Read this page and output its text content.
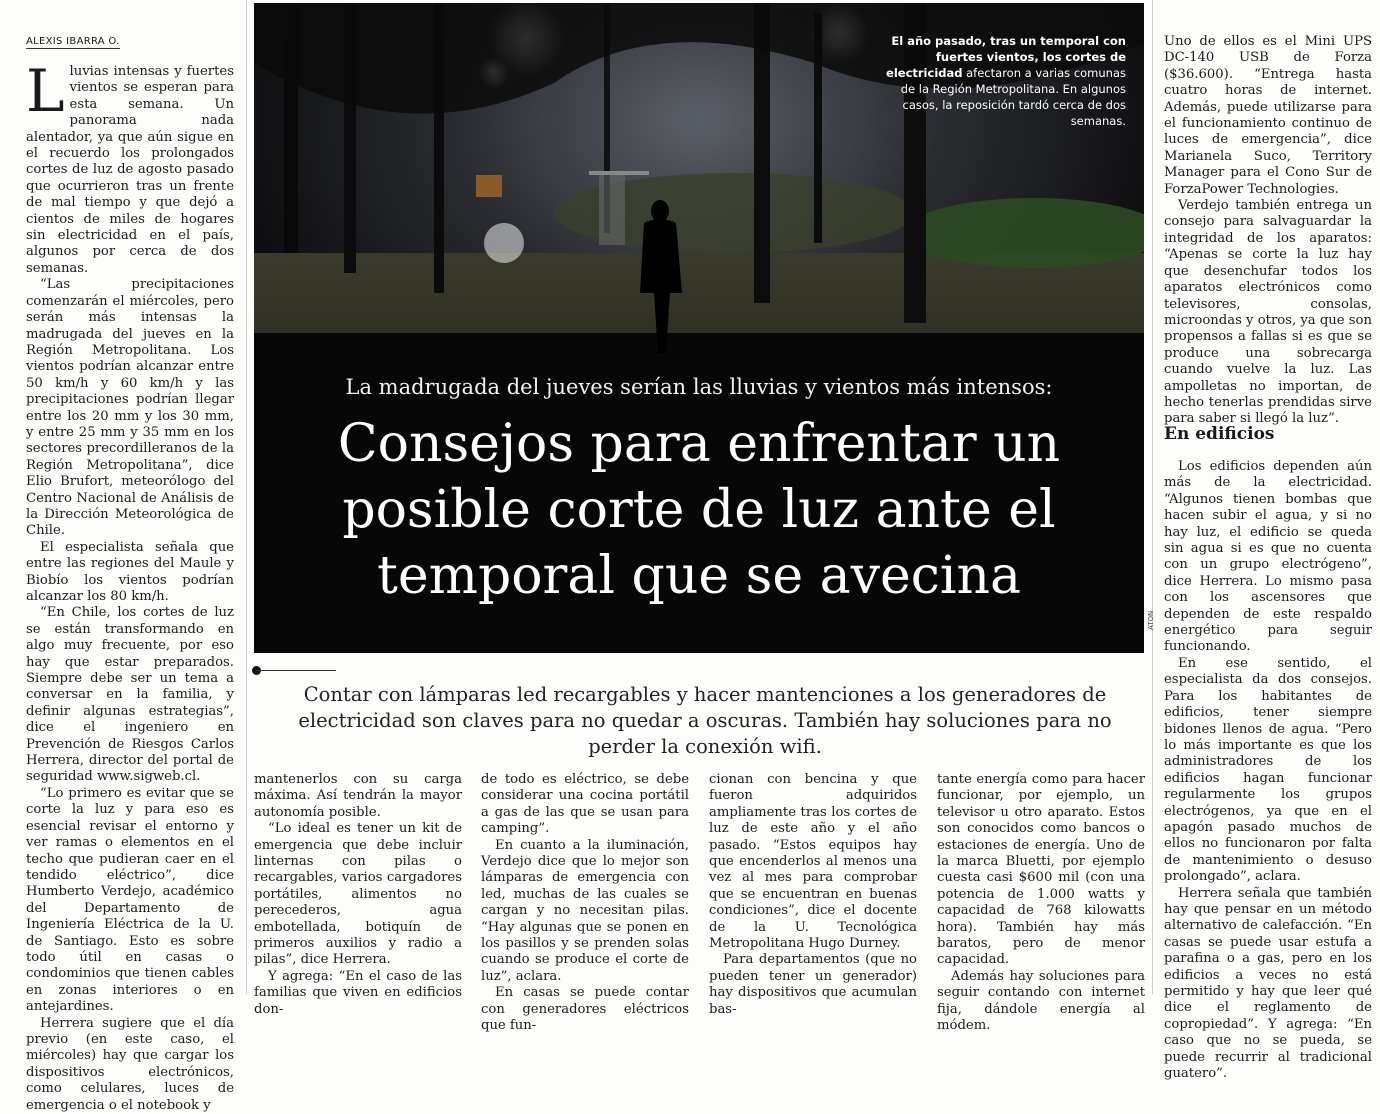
ALEXIS IBARRA O.

Lluvias intensas y fuertes vientos se esperan para esta semana. Un panorama nada alentador, ya que aún sigue en el recuerdo los prolongados cortes de luz de agosto pasado que ocurrieron tras un frente de mal tiempo y que dejó a cientos de miles de hogares sin electricidad en el país, algunos por cerca de dos semanas.

“Las precipitaciones comenzarán el miércoles, pero serán más intensas la madrugada del jueves en la Región Metropolitana. Los vientos podrían alcanzar entre 50 km/h y 60 km/h y las precipitaciones podrían llegar entre los 20 mm y los 30 mm, y entre 25 mm y 35 mm en los sectores precordilleranos de la Región Metropolitana”, dice Elio Brufort, meteorólogo del Centro Nacional de Análisis de la Dirección Meteorológica de Chile.

El especialista señala que entre las regiones del Maule y Biobío los vientos podrían alcanzar los 80 km/h.

“En Chile, los cortes de luz se están transformando en algo muy frecuente, por eso hay que estar preparados. Siempre debe ser un tema a conversar en la familia, y definir algunas estrategias”, dice el ingeniero en Prevención de Riesgos Carlos Herrera, director del portal de seguridad www.sigweb.cl.

“Lo primero es evitar que se corte la luz y para eso es esencial revisar el entorno y ver ramas o elementos en el techo que pudieran caer en el tendido eléctrico”, dice Humberto Verdejo, académico del Departamento de Ingeniería Eléctrica de la U. de Santiago. Esto es sobre todo útil en casas o condominios que tienen cables en zonas interiores o en antejardines.

Herrera sugiere que el día previo (en este caso, el miércoles) hay que cargar los dispositivos electrónicos, como celulares, luces de emergencia o el notebook y

El año pasado, tras un temporal con fuertes vientos, los cortes de electricidad afectaron a varias comunas de la Región Metropolitana. En algunos casos, la reposición tardó cerca de dos semanas.
La madrugada del jueves serían las lluvias y vientos más intensos:
Consejos para enfrentar un posible corte de luz ante el temporal que se avecina
ATON
Contar con lámparas led recargables y hacer mantenciones a los generadores de electricidad son claves para no quedar a oscuras. También hay soluciones para no perder la conexión wifi.

mantenerlos con su carga máxima. Así tendrán la mayor autonomía posible.

“Lo ideal es tener un kit de emergencia que debe incluir linternas con pilas o recargables, varios cargadores portátiles, alimentos no perecederos, agua embotellada, botiquín de primeros auxilios y radio a pilas”, dice Herrera.

Y agrega: “En el caso de las familias que viven en edificios don-

de todo es eléctrico, se debe considerar una cocina portátil a gas de las que se usan para camping”.

En cuanto a la iluminación, Verdejo dice que lo mejor son lámparas de emergencia con led, muchas de las cuales se cargan y no necesitan pilas. “Hay algunas que se ponen en los pasillos y se prenden solas cuando se produce el corte de luz”, aclara.

En casas se puede contar con generadores eléctricos que fun-

cionan con bencina y que fueron adquiridos ampliamente tras los cortes de luz de este año y el año pasado. “Estos equipos hay que encenderlos al menos una vez al mes para comprobar que se encuentran en buenas condiciones”, dice el docente de la U. Tecnológica Metropolitana Hugo Durney.

Para departamentos (que no pueden tener un generador) hay dispositivos que acumulan bas-

tante energía como para hacer funcionar, por ejemplo, un televisor u otro aparato. Estos son conocidos como bancos o estaciones de energía. Uno de la marca Bluetti, por ejemplo cuesta casi $600 mil (con una potencia de 1.000 watts y capacidad de 768 kilowatts hora). También hay más baratos, pero de menor capacidad.

Además hay soluciones para seguir contando con internet fija, dándole energía al módem.

Uno de ellos es el Mini UPS DC-140 USB de Forza ($36.600). “Entrega hasta cuatro horas de internet. Además, puede utilizarse para el funcionamiento continuo de luces de emergencia”, dice Marianela Suco, Territory Manager para el Cono Sur de ForzaPower Technologies.

Verdejo también entrega un consejo para salvaguardar la integridad de los aparatos: “Apenas se corte la luz hay que desenchufar todos los aparatos electrónicos como televisores, consolas, microondas y otros, ya que son propensos a fallas si es que se produce una sobrecarga cuando vuelve la luz. Las ampolletas no importan, de hecho tenerlas prendidas sirve para saber si llegó la luz”.

En edificios

Los edificios dependen aún más de la electricidad. “Algunos tienen bombas que hacen subir el agua, y si no hay luz, el edificio se queda sin agua si es que no cuenta con un grupo electrógeno”, dice Herrera. Lo mismo pasa con los ascensores que dependen de este respaldo energético para seguir funcionando.

En ese sentido, el especialista da dos consejos. Para los habitantes de edificios, tener siempre bidones llenos de agua. “Pero lo más importante es que los administradores de los edificios hagan funcionar regularmente los grupos electrógenos, ya que en el apagón pasado muchos de ellos no funcionaron por falta de mantenimiento o desuso prolongado”, aclara.

Herrera señala que también hay que pensar en un método alternativo de calefacción. “En casas se puede usar estufa a parafina o a gas, pero en los edificios a veces no está permitido y hay que leer qué dice el reglamento de copropiedad”. Y agrega: “En caso que no se pueda, se puede recurrir al tradicional guatero”.
